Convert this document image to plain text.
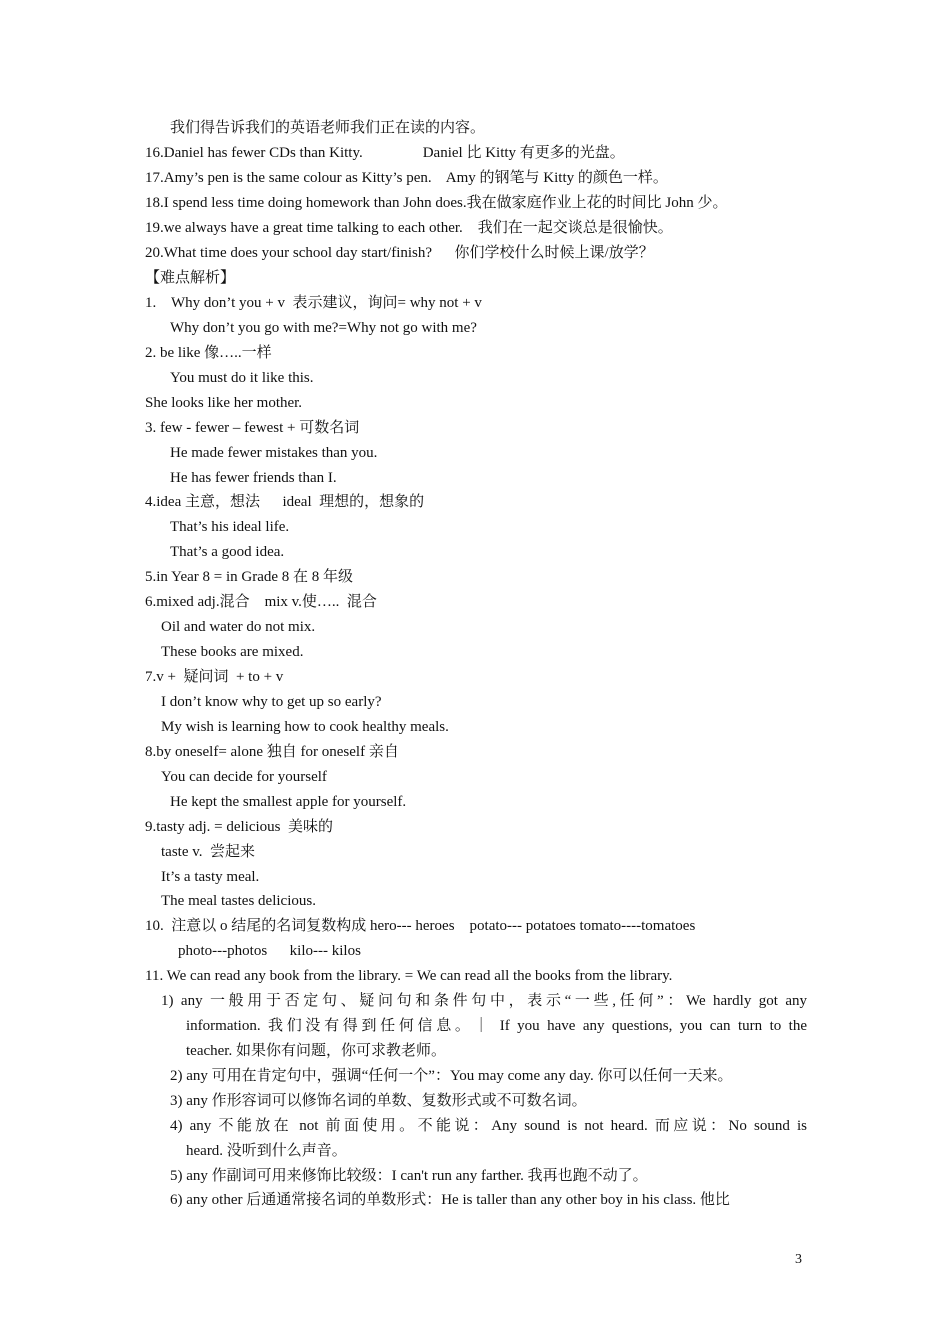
我们得告诉我们的英语老师我们正在读的内容。
16.Daniel has fewer CDs than Kitty.                Daniel 比 Kitty 有更多的光盘。
17.Amy’s pen is the same colour as Kitty’s pen.    Amy 的钢笔与 Kitty 的颜色一样。
18.I spend less time doing homework than John does.我在做家庭作业上花的时间比 John 少。
19.we always have a great time talking to each other.    我们在一起交谈总是很愉快。
20.What time does your school day start/finish?      你们学校什么时候上课/放学？
【难点解析】
1.    Why don’t you + v  表示建议，询问= why not + v
Why don’t you go with me?=Why not go with me?
2. be like 像…..一样
You must do it like this.
She looks like her mother.
3. few - fewer – fewest + 可数名词
He made fewer mistakes than you.
He has fewer friends than I.
4.idea 主意，想法      ideal  理想的，想象的
That’s his ideal life.
That’s a good idea.
5.in Year 8 = in Grade 8 在 8 年级
6.mixed adj.混合    mix v.使…..  混合
Oil and water do not mix.
These books are mixed.
7.v +  疑问词  + to + v
I don’t know why to get up so early?
My wish is learning how to cook healthy meals.
8.by oneself= alone 独自 for oneself 亲自
You can decide for yourself
He kept the smallest apple for yourself.
9.tasty adj. = delicious  美味的
taste v.  尝起来
It’s a tasty meal.
The meal tastes delicious.
10.  注意以 o 结尾的名词复数构成 hero--- heroes    potato--- potatoes tomato----tomatoes
photo---photos      kilo--- kilos
11. We can read any book from the library. = We can read all the books from the library.
1) any 一般用于否定句、疑问句和条件句中，表示“一些,任何”：We hardly got any
information. 我们没有得到任何信息。｜ If you have any questions, you can turn to the
teacher. 如果你有问题，你可求教老师。
2) any 可用在肯定句中，强调“任何一个”：You may come any day. 你可以任何一天来。
3) any 作形容词可以修饰名词的单数、复数形式或不可数名词。
4) any 不能放在 not 前面使用。不能说：Any sound is not heard. 而应说：No sound is
heard. 没听到什么声音。
5) any 作副词可用来修饰比较级：I can't run any farther. 我再也跑不动了。
6) any other 后通通常接名词的单数形式：He is taller than any other boy in his class. 他比
3
